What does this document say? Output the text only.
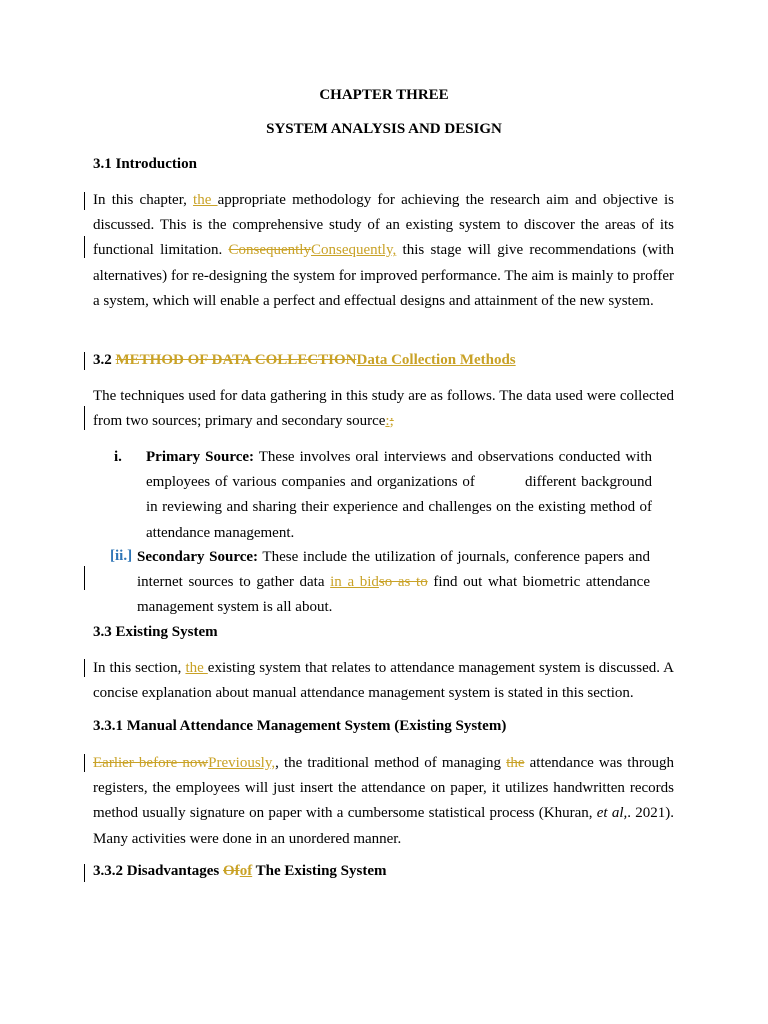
CHAPTER THREE
SYSTEM ANALYSIS AND DESIGN
3.1 Introduction
In this chapter, the appropriate methodology for achieving the research aim and objective is discussed. This is the comprehensive study of an existing system to discover the areas of its functional limitation. ConsequentlyConsequently, this stage will give recommendations (with alternatives) for re-designing the system for improved performance. The aim is mainly to proffer a system, which will enable a perfect and effectual designs and attainment of the new system.
3.2 METHOD OF DATA COLLECTIONData Collection Methods
The techniques used for data gathering in this study are as follows. The data used were collected from two sources; primary and secondary source:;
i. Primary Source: These involves oral interviews and observations conducted with employees of various companies and organizations of	different background in reviewing and sharing their experience and challenges on the existing method of attendance management.
[ii.] Secondary Source: These include the utilization of journals, conference papers and internet sources to gather data in a bidso as to find out what biometric attendance management system is all about.
3.3 Existing System
In this section, the existing system that relates to attendance management system is discussed. A concise explanation about manual attendance management system is stated in this section.
3.3.1 Manual Attendance Management System (Existing System)
Earlier before nowPreviously,, the traditional method of managing the attendance was through registers, the employees will just insert the attendance on paper, it utilizes handwritten records method usually signature on paper with a cumbersome statistical process (Khuran, et al,. 2021). Many activities were done in an unordered manner.
3.3.2 Disadvantages Ofof The Existing System
